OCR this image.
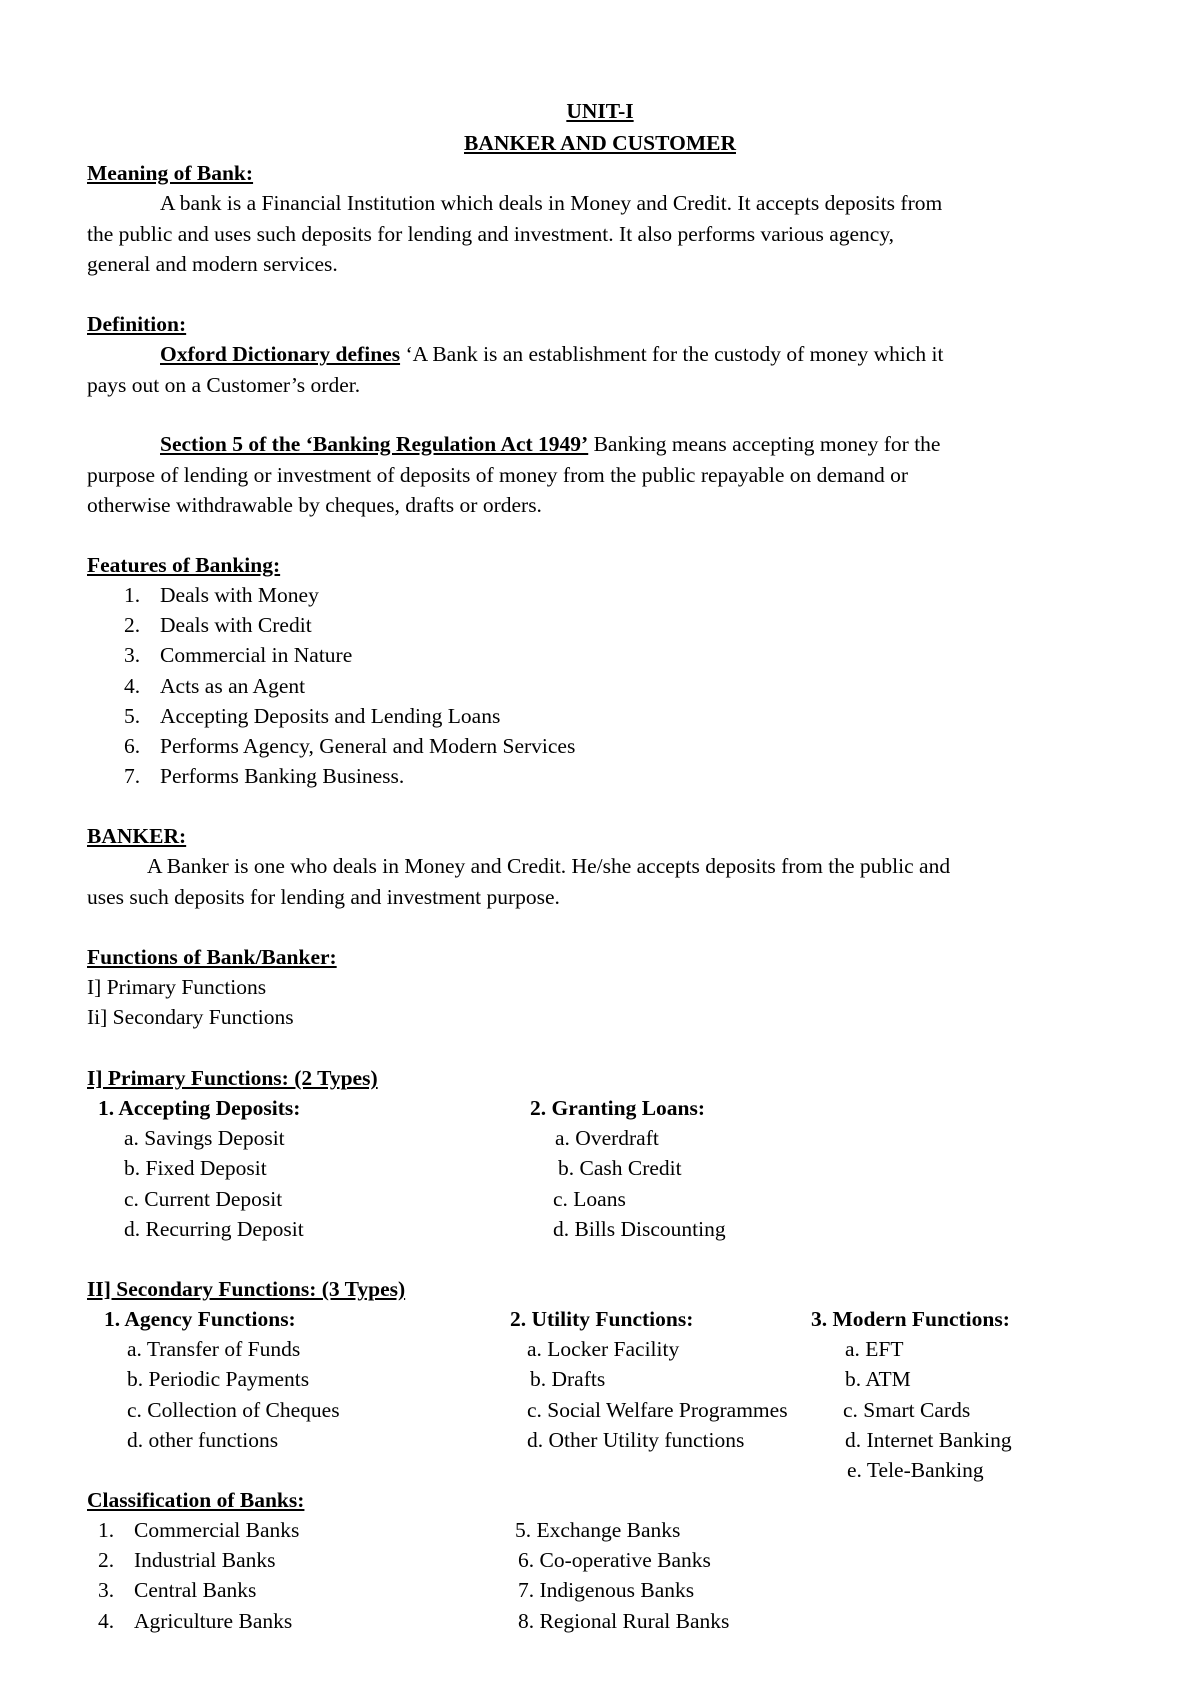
UNIT-I
BANKER AND CUSTOMER
Meaning of Bank:
A bank is a Financial Institution which deals in Money and Credit. It accepts deposits from
the public and uses such deposits for lending and investment. It also performs various agency,
general and modern services.
Definition:
Oxford Dictionary defines ‘A Bank is an establishment for the custody of money which it
pays out on a Customer’s order.
Section 5 of the ‘Banking Regulation Act 1949’ Banking means accepting money for the
purpose of lending or investment of deposits of money from the public repayable on demand or
otherwise withdrawable by cheques, drafts or orders.
Features of Banking:
1. Deals with Money
2. Deals with Credit
3. Commercial in Nature
4. Acts as an Agent
5. Accepting Deposits and Lending Loans
6. Performs Agency, General and Modern Services
7. Performs Banking Business.
BANKER:
A Banker is one who deals in Money and Credit. He/she accepts deposits from the public and
uses such deposits for lending and investment purpose.
Functions of Bank/Banker:
I] Primary Functions
Ii] Secondary Functions
I] Primary Functions: (2 Types)
1. Accepting Deposits:
a. Savings Deposit
b. Fixed Deposit
c. Current Deposit
d. Recurring Deposit
2. Granting Loans:
a. Overdraft
b. Cash Credit
c. Loans
d. Bills Discounting
II] Secondary Functions: (3 Types)
1. Agency Functions:
a. Transfer of Funds
b. Periodic Payments
c. Collection of Cheques
d. other functions
2. Utility Functions:
a. Locker Facility
b. Drafts
c. Social Welfare Programmes
d. Other Utility functions
3. Modern Functions:
a. EFT
b. ATM
c. Smart Cards
d. Internet Banking
e. Tele-Banking
Classification of Banks:
1. Commercial Banks
2. Industrial Banks
3. Central Banks
4. Agriculture Banks
5. Exchange Banks
6. Co-operative Banks
7. Indigenous Banks
8. Regional Rural Banks
